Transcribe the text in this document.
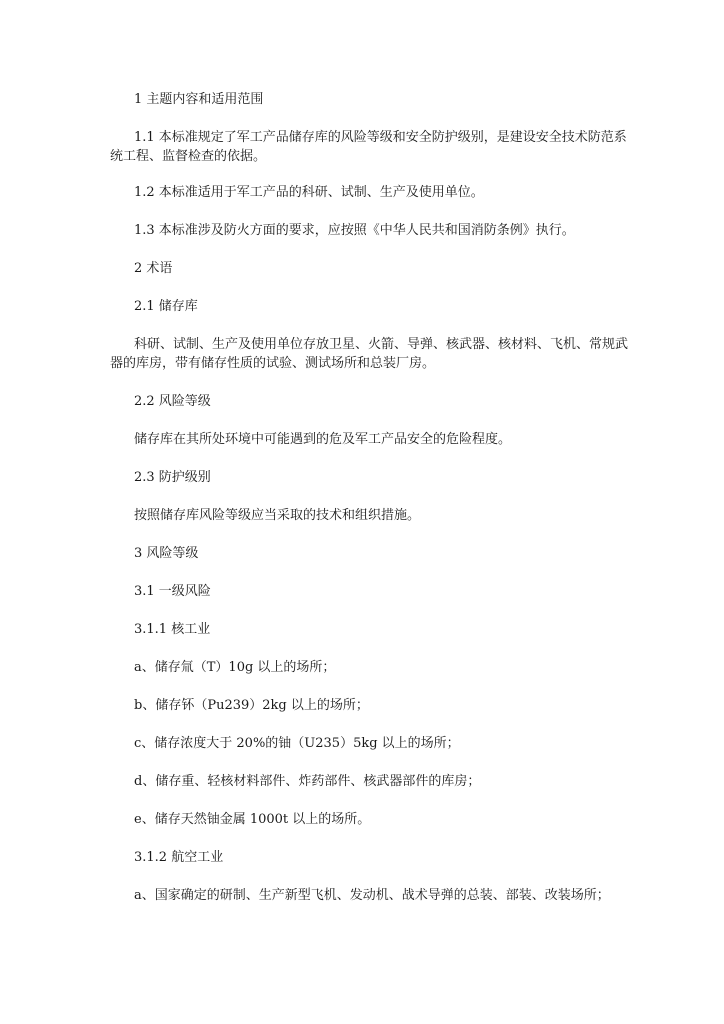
1 主题内容和适用范围
1.1 本标准规定了军工产品储存库的风险等级和安全防护级别，是建设安全技术防范系
统工程、监督检查的依据。
1.2 本标准适用于军工产品的科研、试制、生产及使用单位。
1.3 本标准涉及防火方面的要求，应按照《中华人民共和国消防条例》执行。
2 术语
2.1 储存库
科研、试制、生产及使用单位存放卫星、火箭、导弹、核武器、核材料、飞机、常规武
器的库房，带有储存性质的试验、测试场所和总装厂房。
2.2 风险等级
储存库在其所处环境中可能遇到的危及军工产品安全的危险程度。
2.3 防护级别
按照储存库风险等级应当采取的技术和组织措施。
3 风险等级
3.1 一级风险
3.1.1 核工业
a、储存氚（T）10g 以上的场所；
b、储存钚（Pu239）2kg 以上的场所；
c、储存浓度大于 20%的铀（U235）5kg 以上的场所；
d、储存重、轻核材料部件、炸药部件、核武器部件的库房；
e、储存天然铀金属 1000t 以上的场所。
3.1.2 航空工业
a、国家确定的研制、生产新型飞机、发动机、战术导弹的总装、部装、改装场所；
